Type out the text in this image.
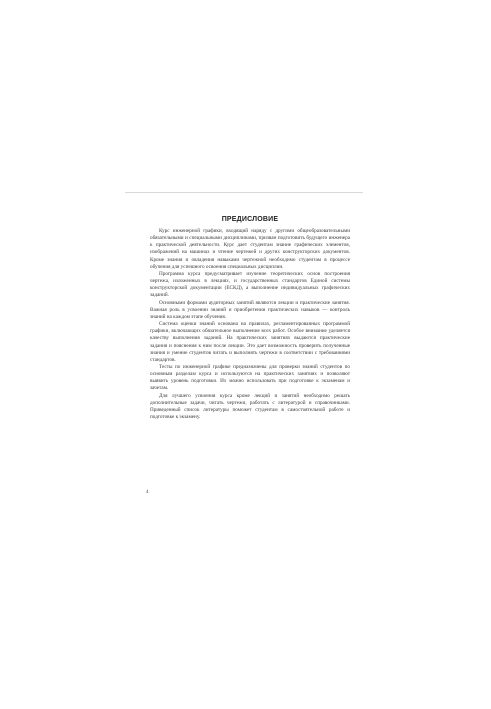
ПРЕДИСЛОВИЕ

Курс инженерной графики, входящий наряду с другими общеобразовательными обязательными и специальными дисциплинами, призван подготовить будущего инженера к практической деятельности. Курс дает студентам знание графических элементов, изображений на машинах и чтение чертежей и других конструкторских документов. Кроме знания и овладения навыками чертежной необходимо студентам в процессе обучения для успешного освоения специальных дисциплин.

Программа курса предусматривает изучение теоретических основ построения чертежа, изложенных в лекциях, и государственных стандартов Единой системы конструкторской документации (ЕСКД), а выполнение индивидуальных графических заданий.

Основными формами аудиторных занятий являются лекции и практические занятия. Важная роль в усвоении знаний и приобретении практических навыков — контроль знаний на каждом этапе обучения.

Система оценки знаний основана на правилах, регламентированных программой графики, включающих обязательное выполнение всех работ. Особое внимание уделяется качеству выполнения заданий. На практических занятиях выдаются практические задания и пояснения к ним после лекции. Это дает возможность проверить полученные знания и умение студентов читать и выполнять чертежи в соответствии с требованиями стандартов.

Тесты по инженерной графике предназначены для проверки знаний студентов по основным разделам курса и используются на практических занятиях и позволяют выявить уровень подготовки. Их можно использовать при подготовке к экзаменам и зачетам.

Для лучшего усвоения курса кроме лекций и занятий необходимо решать дополнительные задачи, читать чертежи, работать с литературой и справочниками. Приведенный список литературы поможет студентам в самостоятельной работе и подготовке к экзамену.

4
